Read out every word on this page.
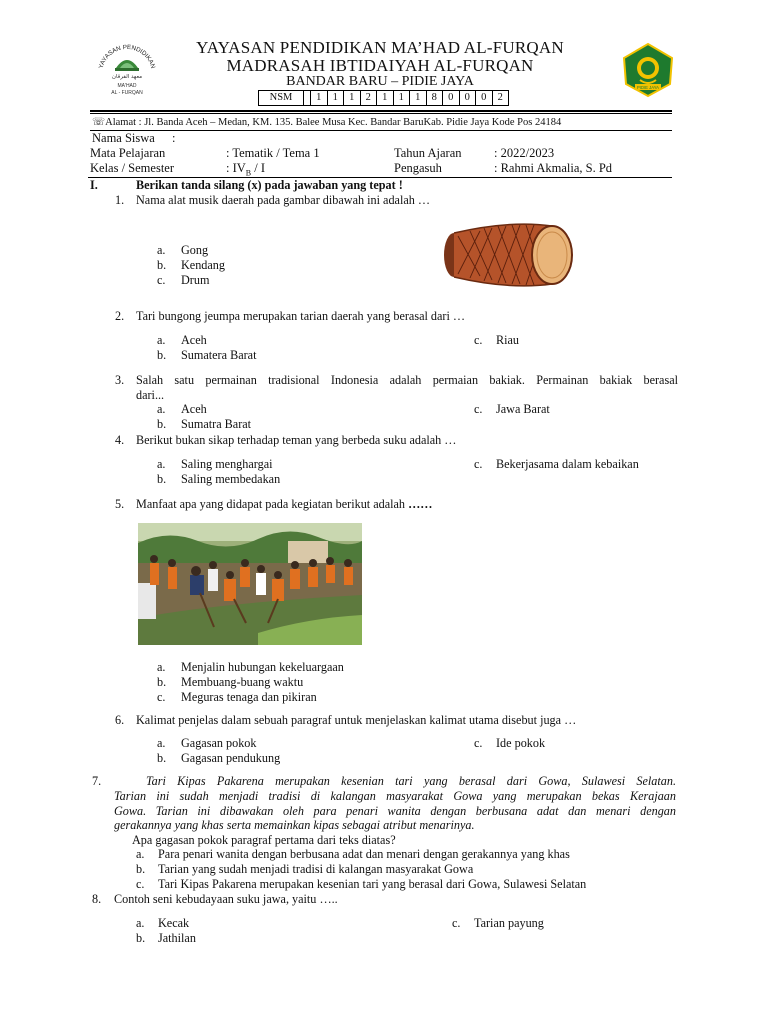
YAYASAN PENDIDIKAN
معهد الفرقان
MA'HAD
AL - FURQAN
YAYASAN PENDIDIKAN MA’HAD AL-FURQAN
MADRASAH IBTIDAIYAH AL-FURQAN
BANDAR BARU – PIDIE JAYA
NSM	1	1	1	2	1	1	1	8	0	0	0	2
PIDIE JAYA
☏Alamat : Jl. Banda Aceh – Medan, KM. 135. Balee Musa Kec. Bandar BaruKab. Pidie Jaya Kode Pos 24184
Nama Siswa :
Mata Pelajaran	: Tematik / Tema 1	Tahun Ajaran	: 2022/2023
Kelas / Semester	: $IV_B$ / I	Pengasuh	: Rahmi Akmalia, S. Pd
I.	Berikan tanda silang (x) pada jawaban yang tepat !
1. Nama alat musik daerah pada gambar dibawah ini adalah …
a. Gong
b. Kendang
c. Drum
2. Tari bungong jeumpa merupakan tarian daerah yang berasal dari …
a. Aceh
b. Sumatera Barat
c. Riau
3. Salah satu permainan tradisional Indonesia adalah permaian bakiak. Permainan bakiak berasal
dari...
a. Aceh
b. Sumatra Barat
c. Jawa Barat
4. Berikut bukan sikap terhadap teman yang berbeda suku adalah …
a. Saling menghargai
b. Saling membedakan
c. Bekerjasama dalam kebaikan
5. Manfaat apa yang didapat pada kegiatan berikut adalah ……
a. Menjalin hubungan kekeluargaan
b. Membuang-buang waktu
c. Meguras tenaga dan pikiran
6. Kalimat penjelas dalam sebuah paragraf untuk menjelaskan kalimat utama disebut juga …
a. Gagasan pokok
b. Gagasan pendukung
c. Ide pokok
7.	Tari Kipas Pakarena merupakan kesenian tari yang berasal dari Gowa, Sulawesi Selatan.
Tarian ini sudah menjadi tradisi di kalangan masyarakat Gowa yang merupakan bekas Kerajaan
Gowa. Tarian ini dibawakan oleh para penari wanita dengan berbusana adat dan menari dengan
gerakannya yang khas serta memainkan kipas sebagai atribut menarinya.
Apa gagasan pokok paragraf pertama dari teks diatas?
a. Para penari wanita dengan berbusana adat dan menari dengan gerakannya yang khas
b. Tarian yang sudah menjadi tradisi di kalangan masyarakat Gowa
c. Tari Kipas Pakarena merupakan kesenian tari yang berasal dari Gowa, Sulawesi Selatan
8. Contoh seni kebudayaan suku jawa, yaitu …..
a. Kecak
b. Jathilan
c. Tarian payung
